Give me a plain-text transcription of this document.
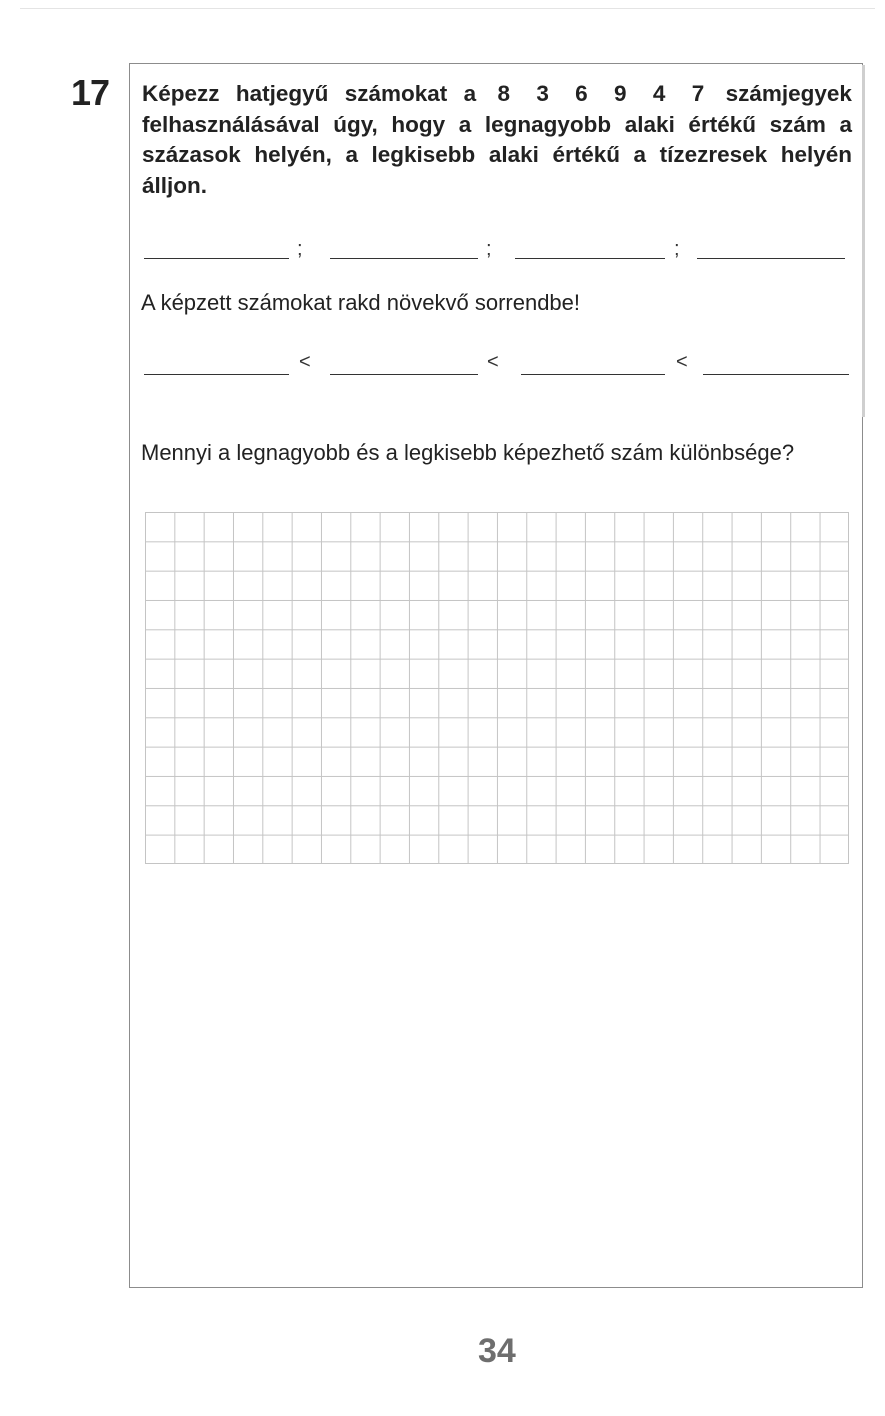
17 Képezz hatjegyű számokat a 8 3 6 9 4 7 számjegyek
felhasználásával úgy, hogy a legnagyobb alaki értékű szám a
százasok helyén, a legkisebb alaki értékű a tízezresek helyén
álljon.
;	;	;
A képzett számokat rakd növekvő sorrendbe!
<	<	<
Mennyi a legnagyobb és a legkisebb képezhető szám különbsége?
34
